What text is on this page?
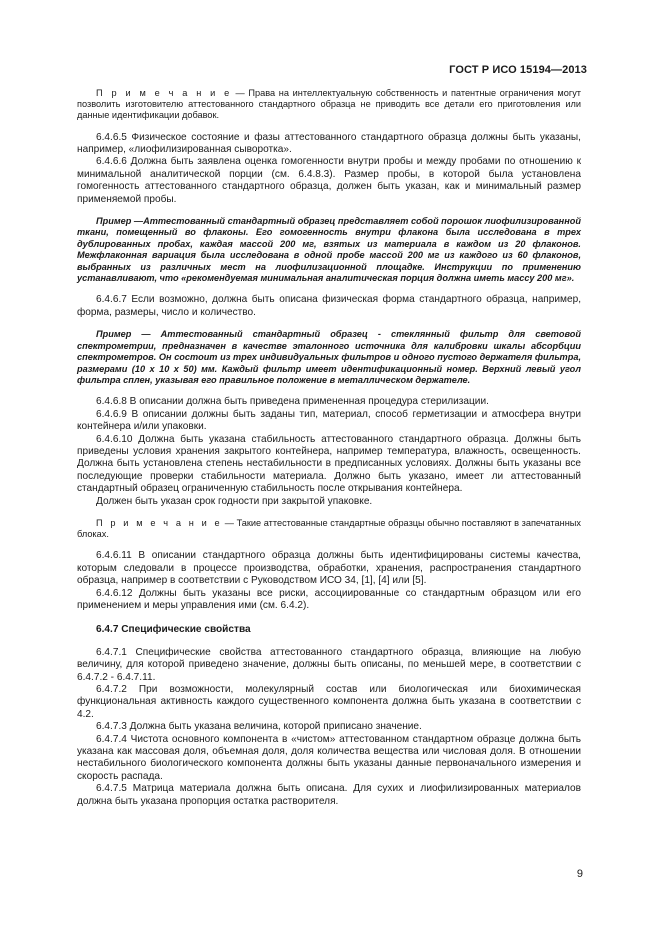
ГОСТ Р ИСО 15194—2013

П р и м е ч а н и е — Права на интеллектуальную собственность и патентные ограничения могут позволить изготовителю аттестованного стандартного образца не приводить все детали его приготовления или данные идентификации добавок.

6.4.6.5 Физическое состояние и фазы аттестованного стандартного образца должны быть указаны, например, «лиофилизированная сыворотка».

6.4.6.6 Должна быть заявлена оценка гомогенности внутри пробы и между пробами по отношению к минимальной аналитической порции (см. 6.4.8.3). Размер пробы, в которой была установлена гомогенность аттестованного стандартного образца, должен быть указан, как и минимальный размер применяемой пробы.

Пример —Аттестованный стандартный образец представляет собой порошок лиофилизированной ткани, помещенный во флаконы. Его гомогенность внутри флакона была исследована в трех дублированных пробах, каждая массой 200 мг, взятых из материала в каждом из 20 флаконов. Межфлаконная вариация была исследована в одной пробе массой 200 мг из каждого из 60 флаконов, выбранных из различных мест на лиофилизационной площадке. Инструкции по применению устанавливают, что «рекомендуемая минимальная аналитическая порция должна иметь массу 200 мг».

6.4.6.7 Если возможно, должна быть описана физическая форма стандартного образца, например, форма, размеры, число и количество.

Пример — Аттестованный стандартный образец - стеклянный фильтр для световой спектрометрии, предназначен в качестве эталонного источника для калибровки шкалы абсорбции спектрометров. Он состоит из трех индивидуальных фильтров и одного пустого держателя фильтра, размерами (10 x 10 x 50) мм. Каждый фильтр имеет идентификационный номер. Верхний левый угол фильтра сплен, указывая его правильное положение в металлическом держателе.

6.4.6.8 В описании должна быть приведена примененная процедура стерилизации.

6.4.6.9 В описании должны быть заданы тип, материал, способ герметизации и атмосфера внутри контейнера и/или упаковки.

6.4.6.10 Должна быть указана стабильность аттестованного стандартного образца. Должны быть приведены условия хранения закрытого контейнера, например температура, влажность, освещенность. Должна быть установлена степень нестабильности в предписанных условиях. Должны быть указаны все последующие проверки стабильности материала. Должно быть указано, имеет ли аттестованный стандартный образец ограниченную стабильность после открывания контейнера.

Должен быть указан срок годности при закрытой упаковке.

П р и м е ч а н и е — Такие аттестованные стандартные образцы обычно поставляют в запечатанных блоках.

6.4.6.11 В описании стандартного образца должны быть идентифицированы системы качества, которым следовали в процессе производства, обработки, хранения, распространения стандартного образца, например в соответствии с Руководством ИСО 34, [1], [4] или [5].

6.4.6.12 Должны быть указаны все риски, ассоциированные со стандартным образцом или его применением и меры управления ими (см. 6.4.2).

6.4.7 Специфические свойства

6.4.7.1 Специфические свойства аттестованного стандартного образца, влияющие на любую величину, для которой приведено значение, должны быть описаны, по меньшей мере, в соответствии с 6.4.7.2 - 6.4.7.11.

6.4.7.2 При возможности, молекулярный состав или биологическая или биохимическая функциональная активность каждого существенного компонента должна быть указана в соответствии с 4.2.

6.4.7.3 Должна быть указана величина, которой приписано значение.

6.4.7.4 Чистота основного компонента в «чистом» аттестованном стандартном образце должна быть указана как массовая доля, объемная доля, доля количества вещества или числовая доля. В отношении нестабильного биологического компонента должны быть указаны данные первоначального измерения и скорость распада.

6.4.7.5 Матрица материала должна быть описана. Для сухих и лиофилизированных материалов должна быть указана пропорция остатка растворителя.

9
